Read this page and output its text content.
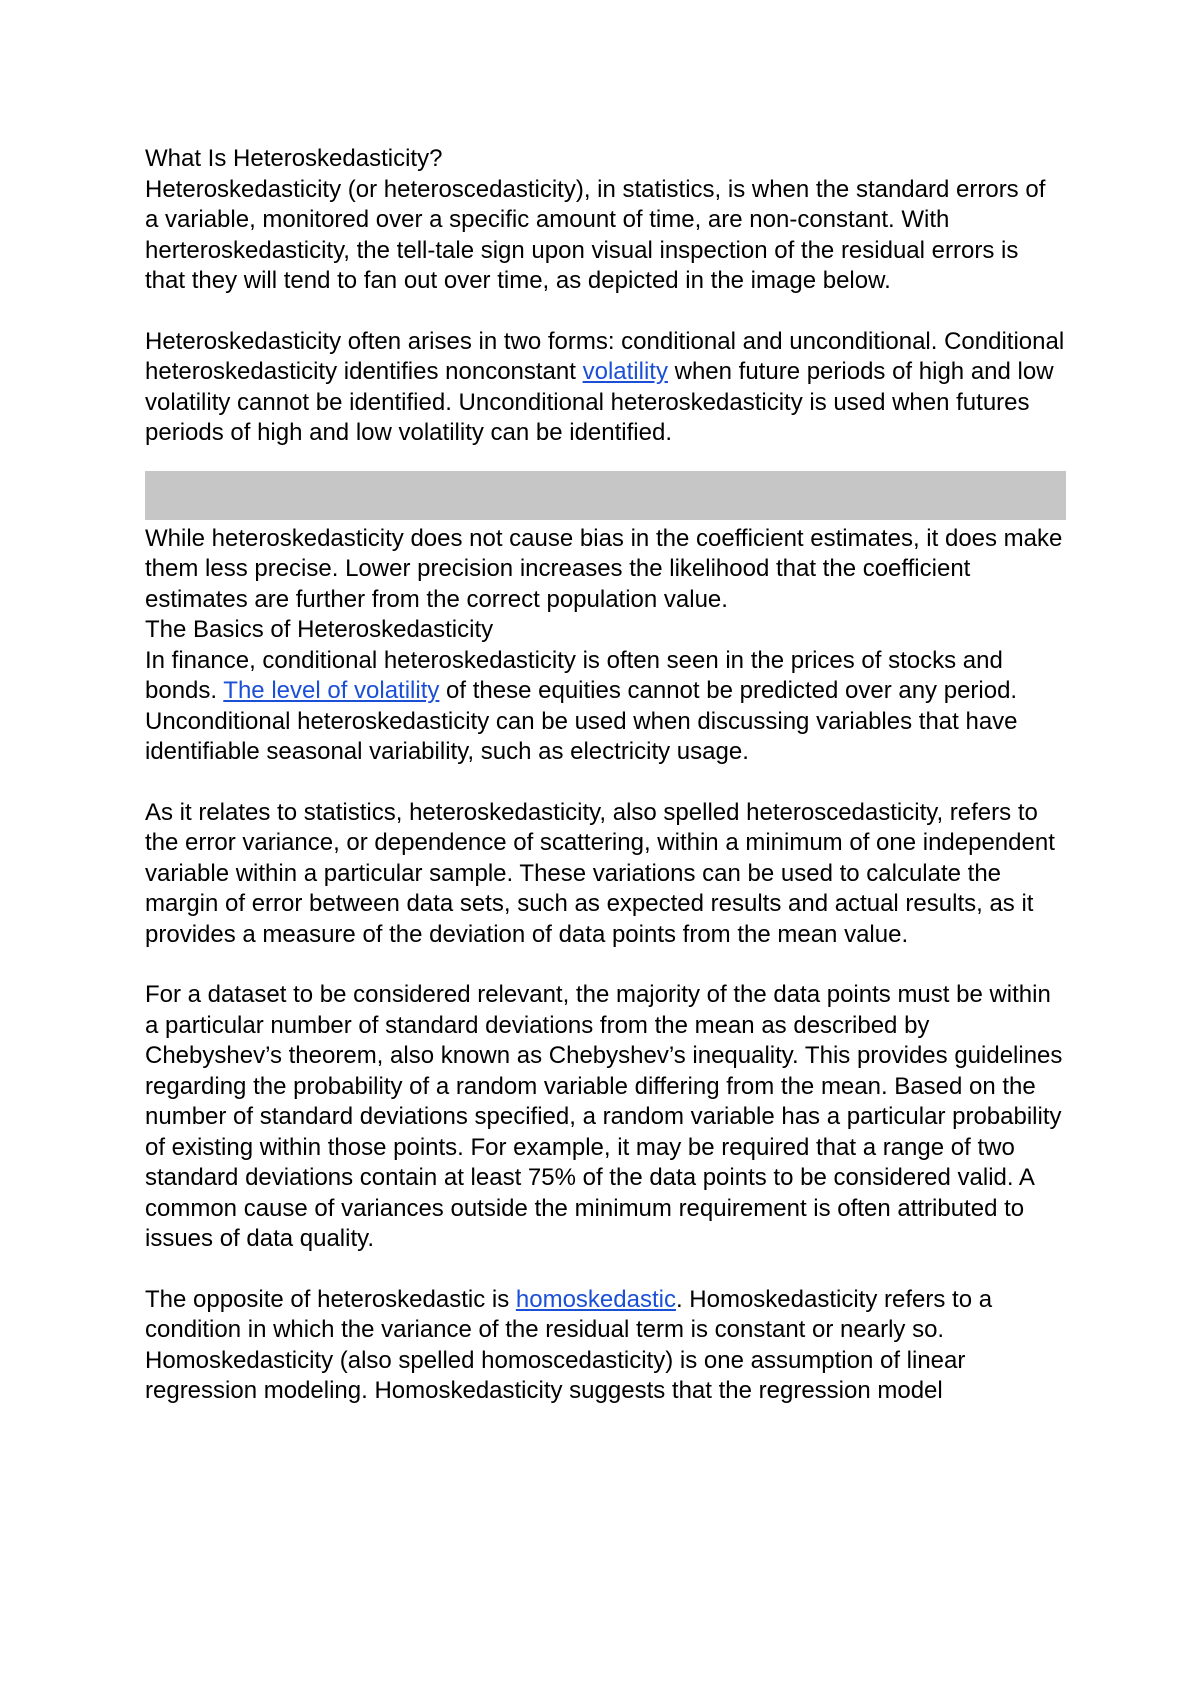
What Is Heteroskedasticity?

Heteroskedasticity (or heteroscedasticity), in statistics, is when the standard errors of a variable, monitored over a specific amount of time, are non-constant. With herteroskedasticity, the tell-tale sign upon visual inspection of the residual errors is that they will tend to fan out over time, as depicted in the image below.

Heteroskedasticity often arises in two forms: conditional and unconditional. Conditional heteroskedasticity identifies nonconstant volatility when future periods of high and low volatility cannot be identified. Unconditional heteroskedasticity is used when futures periods of high and low volatility can be identified.

While heteroskedasticity does not cause bias in the coefficient estimates, it does make them less precise. Lower precision increases the likelihood that the coefficient estimates are further from the correct population value.

The Basics of Heteroskedasticity

In finance, conditional heteroskedasticity is often seen in the prices of stocks and bonds. The level of volatility of these equities cannot be predicted over any period. Unconditional heteroskedasticity can be used when discussing variables that have identifiable seasonal variability, such as electricity usage.

As it relates to statistics, heteroskedasticity, also spelled heteroscedasticity, refers to the error variance, or dependence of scattering, within a minimum of one independent variable within a particular sample. These variations can be used to calculate the margin of error between data sets, such as expected results and actual results, as it provides a measure of the deviation of data points from the mean value.

For a dataset to be considered relevant, the majority of the data points must be within a particular number of standard deviations from the mean as described by Chebyshev’s theorem, also known as Chebyshev’s inequality. This provides guidelines regarding the probability of a random variable differing from the mean. Based on the number of standard deviations specified, a random variable has a particular probability of existing within those points. For example, it may be required that a range of two standard deviations contain at least 75% of the data points to be considered valid. A common cause of variances outside the minimum requirement is often attributed to issues of data quality.

The opposite of heteroskedastic is homoskedastic. Homoskedasticity refers to a condition in which the variance of the residual term is constant or nearly so. Homoskedasticity (also spelled homoscedasticity) is one assumption of linear regression modeling. Homoskedasticity suggests that the regression model
